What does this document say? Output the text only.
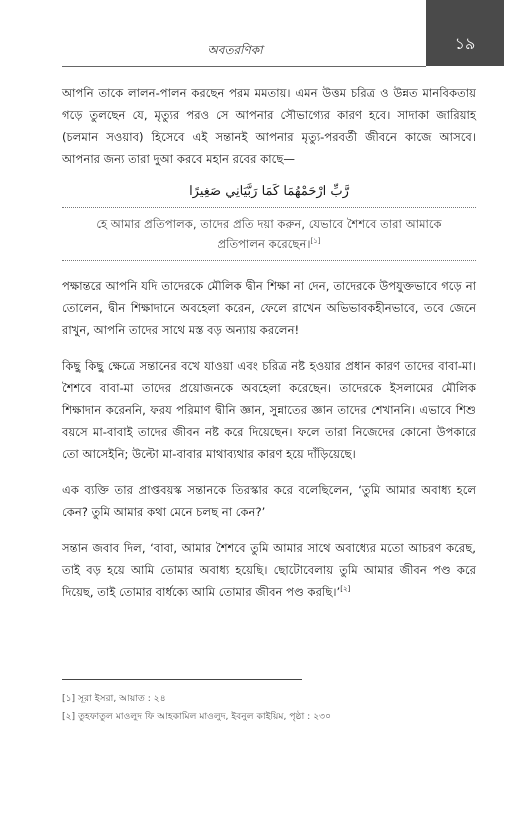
অবতরণিকা	১৯

আপনি তাকে লালন-পালন করছেন পরম মমতায়। এমন উত্তম চরিত্র ও উন্নত মানবিকতায় গড়ে তুলছেন যে, মৃত্যুর পরও সে আপনার সৌভাগ্যের কারণ হবে। সাদাকা জারিয়াহ (চলমান সওয়াব) হিসেবে এই সন্তানই আপনার মৃত্যু-পরবর্তী জীবনে কাজে আসবে। আপনার জন্য তারা দুআ করবে মহান রবের কাছে—

رَّبِّ ارْحَمْهُمَا كَمَا رَبَّيَانِي صَغِيرًا
হে আমার প্রতিপালক, তাদের প্রতি দয়া করুন, যেভাবে শৈশবে তারা আমাকে প্রতিপালন করেছেন।[১]

পক্ষান্তরে আপনি যদি তাদেরকে মৌলিক দ্বীন শিক্ষা না দেন, তাদেরকে উপযুক্তভাবে গড়ে না তোলেন, দ্বীন শিক্ষাদানে অবহেলা করেন, ফেলে রাখেন অভিভাবকহীনভাবে, তবে জেনে রাখুন, আপনি তাদের সাথে মস্ত বড় অন্যায় করলেন!

কিছু কিছু ক্ষেত্রে সন্তানের বখে যাওয়া এবং চরিত্র নষ্ট হওয়ার প্রধান কারণ তাদের বাবা-মা। শৈশবে বাবা-মা তাদের প্রয়োজনকে অবহেলা করেছেন। তাদেরকে ইসলামের মৌলিক শিক্ষাদান করেননি, ফরয পরিমাণ দ্বীনি জ্ঞান, সুন্নাতের জ্ঞান তাদের শেখাননি। এভাবে শিশু বয়সে মা-বাবাই তাদের জীবন নষ্ট করে দিয়েছেন। ফলে তারা নিজেদের কোনো উপকারে তো আসেইনি; উল্টো মা-বাবার মাথাব্যথার কারণ হয়ে দাঁড়িয়েছে।

এক ব্যক্তি তার প্রাপ্তবয়স্ক সন্তানকে তিরস্কার করে বলেছিলেন, ‘তুমি আমার অবাধ্য হলে কেন? তুমি আমার কথা মেনে চলছ না কেন?’

সন্তান জবাব দিল, ‘বাবা, আমার শৈশবে তুমি আমার সাথে অবাধ্যের মতো আচরণ করেছ, তাই বড় হয়ে আমি তোমার অবাধ্য হয়েছি। ছোটোবেলায় তুমি আমার জীবন পণ্ড করে দিয়েছ, তাই তোমার বার্ধক্যে আমি তোমার জীবন পণ্ড করছি।’[২]

[১] সূরা ইসরা, আয়াত : ২৪
[২] তুহফাতুল মাওলুদ ফি আহকামিল মাওলুদ, ইবনুল কাইয়িম, পৃষ্ঠা : ২৩০
